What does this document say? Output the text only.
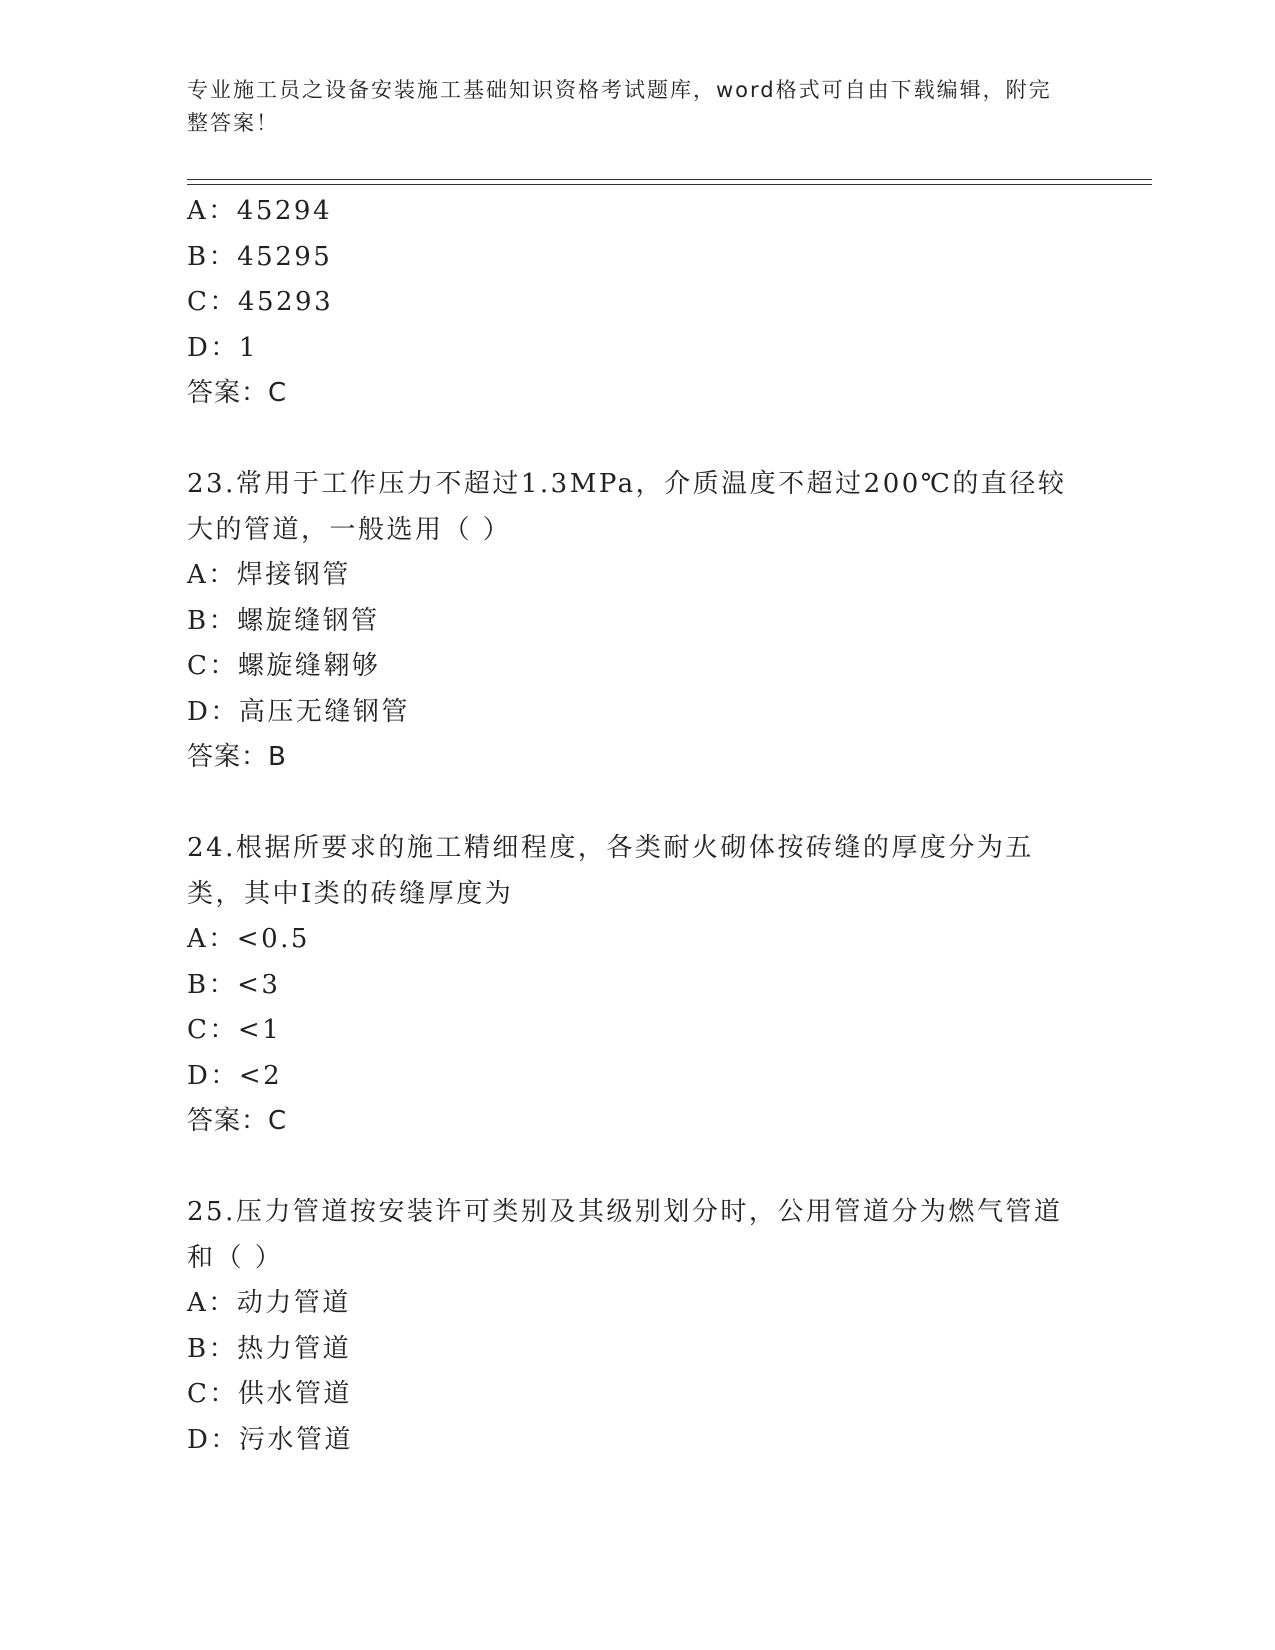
专业施工员之设备安装施工基础知识资格考试题库，word格式可自由下载编辑，附完整答案！
A：45294
B：45295
C：45293
D：1
答案：C
23.常用于工作压力不超过1.3MPa，介质温度不超过200℃的直径较大的管道，一般选用（ ）
A：焊接钢管
B：螺旋缝钢管
C：螺旋缝翱够
D：高压无缝钢管
答案：B
24.根据所要求的施工精细程度，各类耐火砌体按砖缝的厚度分为五类，其中I类的砖缝厚度为
A：<0.5
B：<3
C：<1
D：<2
答案：C
25.压力管道按安装许可类别及其级别划分时，公用管道分为燃气管道和（ ）
A：动力管道
B：热力管道
C：供水管道
D：污水管道
